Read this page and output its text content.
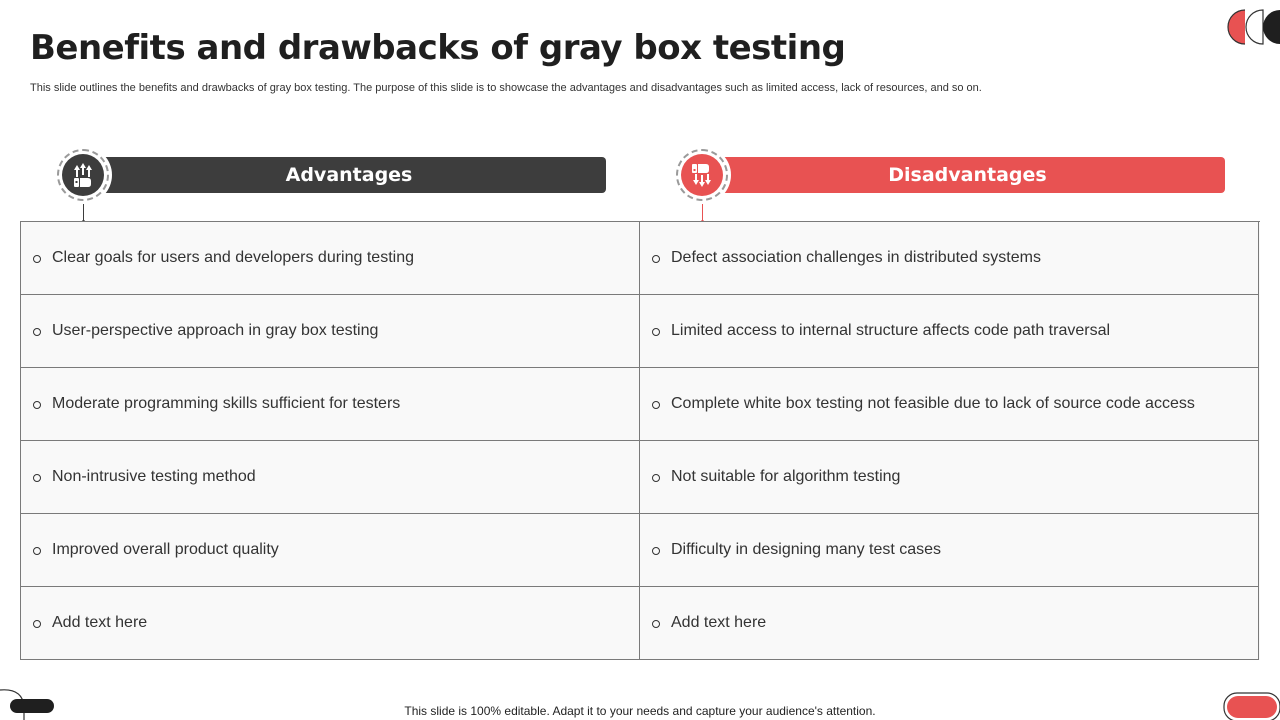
Benefits and drawbacks of gray box testing
This slide outlines the benefits and drawbacks of gray box testing. The purpose of this slide is to showcase the advantages and disadvantages such as limited access, lack of resources, and so on.
Advantages	Disadvantages
Clear goals for users and developers during testing	Defect association challenges in distributed systems
User-perspective approach in gray box testing	Limited access to internal structure affects code path traversal
Moderate programming skills sufficient for testers	Complete white box testing not feasible due to lack of source code access
Non-intrusive testing method	Not suitable for algorithm testing
Improved overall product quality	Difficulty in designing many test cases
Add text here	Add text here
This slide is 100% editable. Adapt it to your needs and capture your audience's attention.
